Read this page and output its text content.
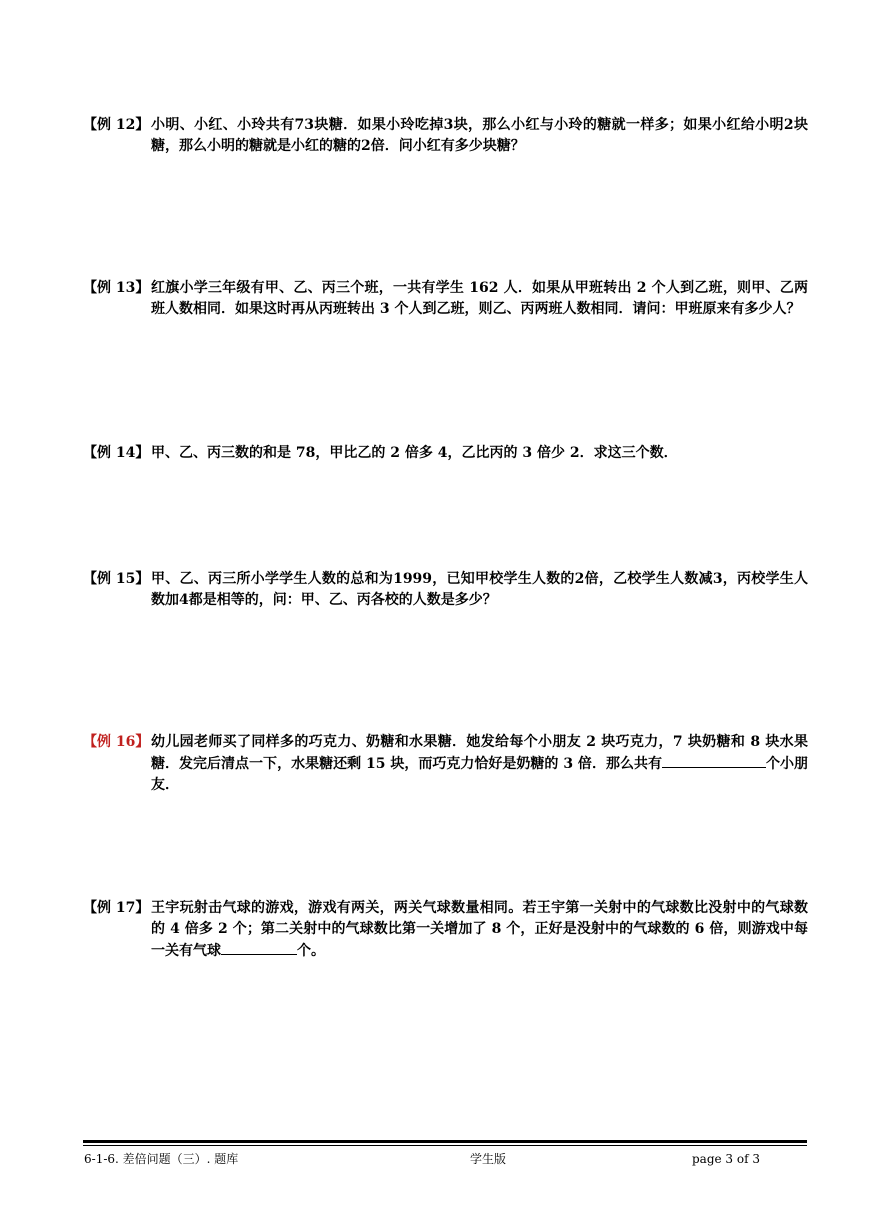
【例 12】 小明、小红、小玲共有73块糖．如果小玲吃掉3块，那么小红与小玲的糖就一样多；如果小红给小明2块糖，那么小明的糖就是小红的糖的2倍．问小红有多少块糖？
【例 13】 红旗小学三年级有甲、乙、丙三个班，一共有学生 162 人．如果从甲班转出 2 个人到乙班，则甲、乙两班人数相同．如果这时再从丙班转出 3 个人到乙班，则乙、丙两班人数相同．请问：甲班原来有多少人？
【例 14】 甲、乙、丙三数的和是 78，甲比乙的 2 倍多 4，乙比丙的 3 倍少 2．求这三个数．
【例 15】 甲、乙、丙三所小学学生人数的总和为1999，已知甲校学生人数的2倍，乙校学生人数减3，丙校学生人数加4都是相等的，问：甲、乙、丙各校的人数是多少？
【例 16】 幼儿园老师买了同样多的巧克力、奶糖和水果糖．她发给每个小朋友 2 块巧克力，7 块奶糖和 8 块水果糖．发完后清点一下，水果糖还剩 15 块，而巧克力恰好是奶糖的 3 倍．那么共有	个小朋友．
【例 17】 王宇玩射击气球的游戏，游戏有两关，两关气球数量相同。若王宇第一关射中的气球数比没射中的气球数的 4 倍多 2 个；第二关射中的气球数比第一关增加了 8 个，正好是没射中的气球数的 6 倍，则游戏中每一关有气球	个。
6-1-6. 差倍问题（三）. 题库	学生版	page 3 of 3
